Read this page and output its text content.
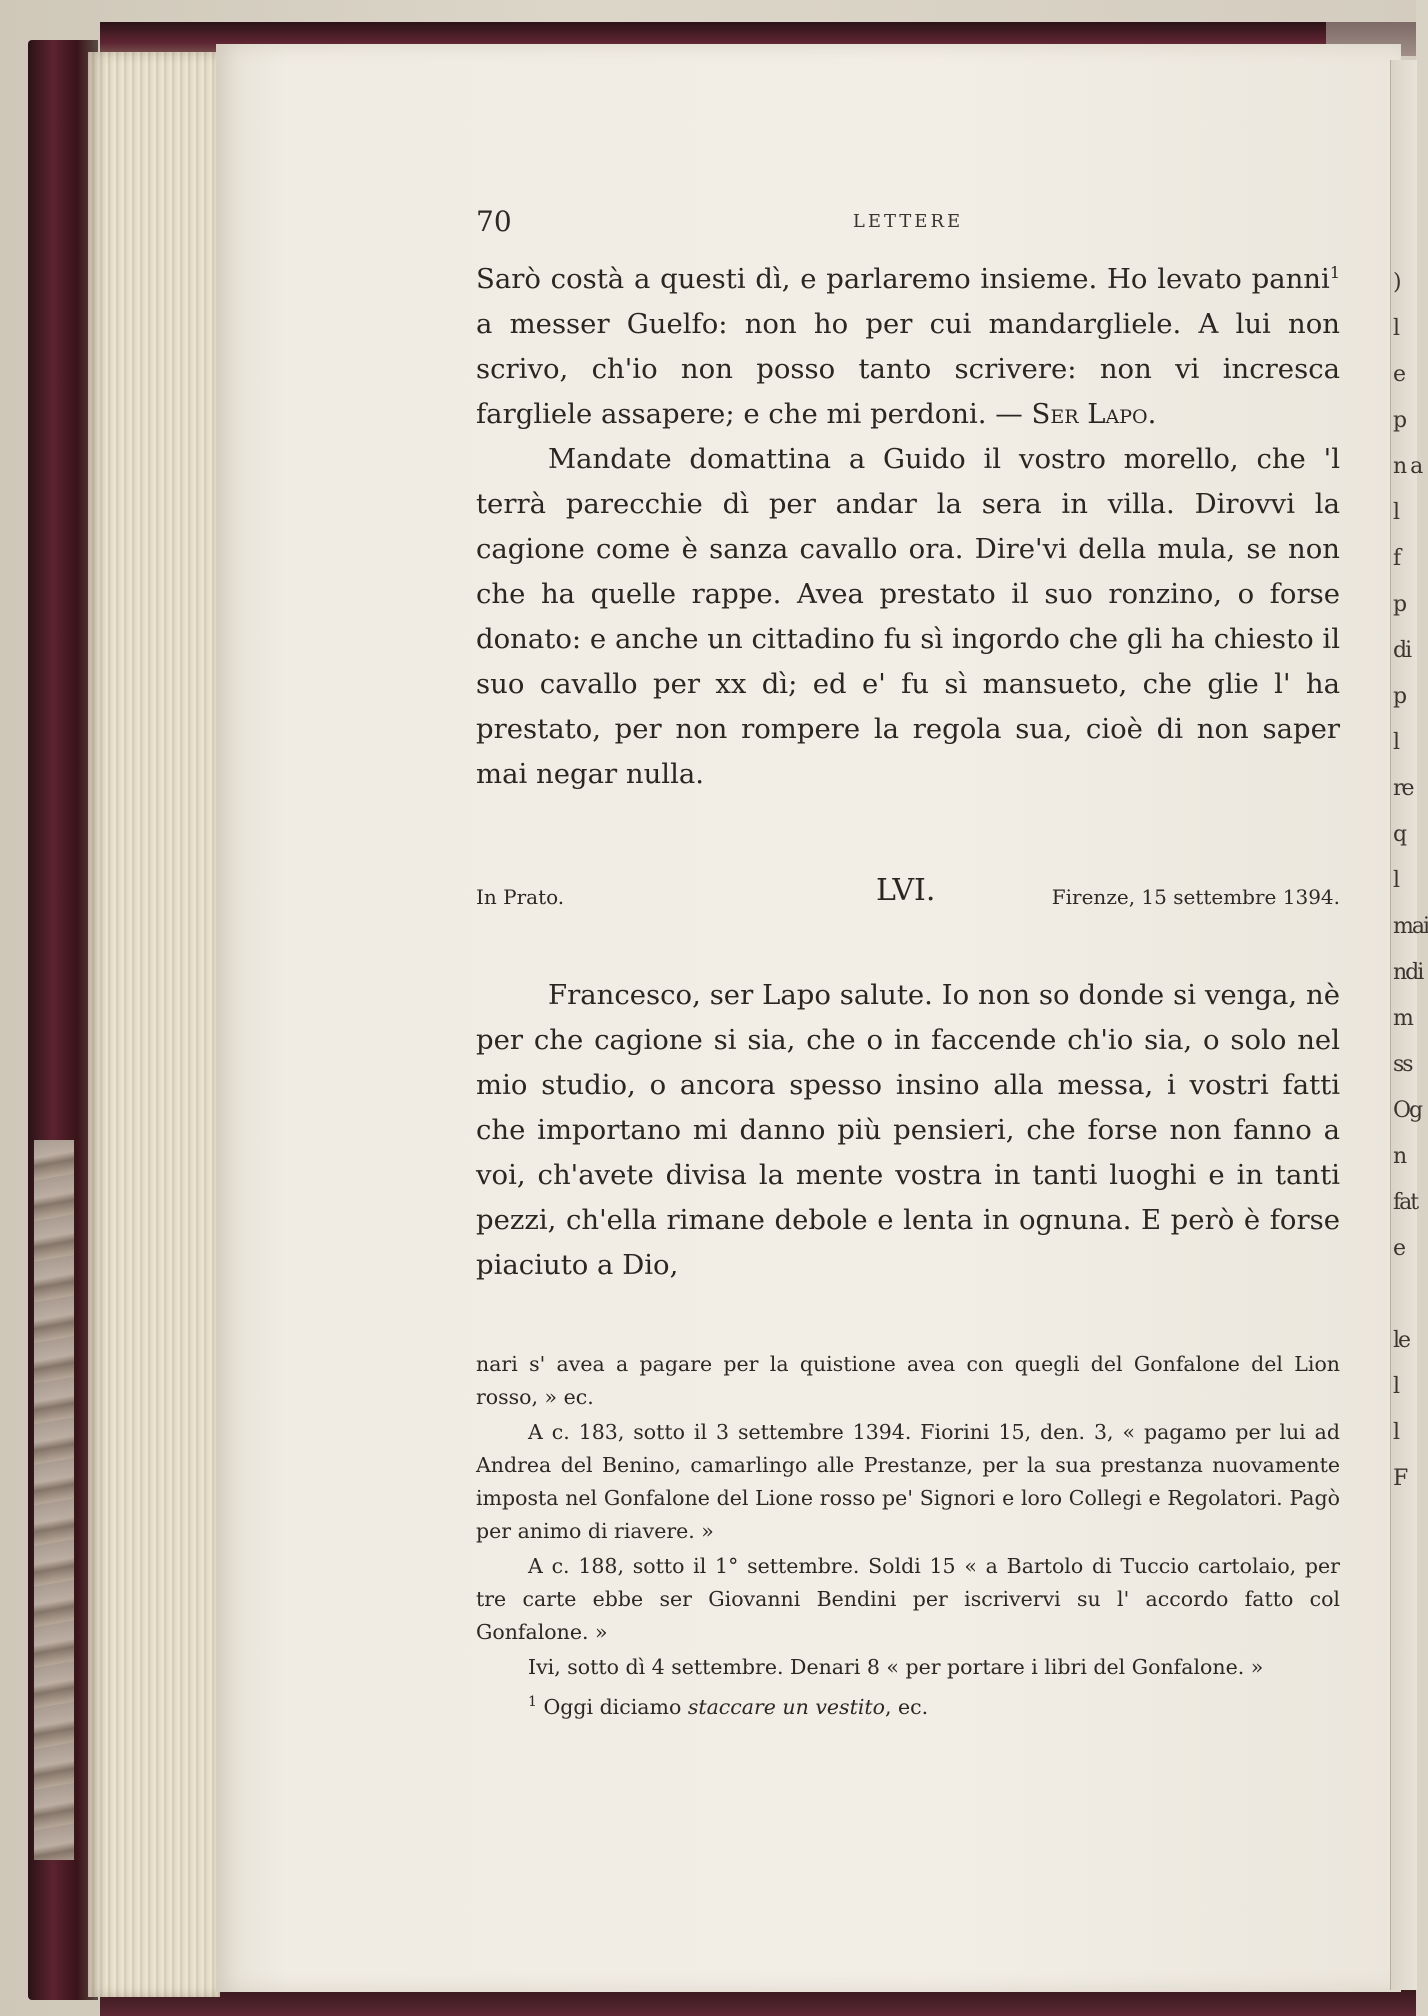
)
l
e
p
n a
l
f
p
di
p
l
re
q
l
mai
ndi
m
ss
Og
n
fat
e

le
l
l
F
70	LETTERE

Sarò costà a questi dì, e parlaremo insieme. Ho levato panni$^1$ a messer Guelfo: non ho per cui mandargliele. A lui non scrivo, ch'io non posso tanto scrivere: non vi incresca fargliele assapere; e che mi perdoni. — Ser Lapo.

Mandate domattina a Guido il vostro morello, che 'l terrà parecchie dì per andar la sera in villa. Dirovvi la cagione come è sanza cavallo ora. Dire'vi della mula, se non che ha quelle rappe. Avea prestato il suo ronzino, o forse donato: e anche un cittadino fu sì ingordo che gli ha chiesto il suo cavallo per xx dì; ed e' fu sì mansueto, che glie l' ha prestato, per non rompere la regola sua, cioè di non saper mai negar nulla.

In Prato.	LVI.	Firenze, 15 settembre 1394.

Francesco, ser Lapo salute. Io non so donde si venga, nè per che cagione si sia, che o in faccende ch'io sia, o solo nel mio studio, o ancora spesso insino alla messa, i vostri fatti che importano mi danno più pensieri, che forse non fanno a voi, ch'avete divisa la mente vostra in tanti luoghi e in tanti pezzi, ch'ella rimane debole e lenta in ognuna. E però è forse piaciuto a Dio,

nari s' avea a pagare per la quistione avea con quegli del Gonfalone del Lion rosso, » ec.

A c. 183, sotto il 3 settembre 1394. Fiorini 15, den. 3, « pagamo per lui ad Andrea del Benino, camarlingo alle Prestanze, per la sua prestanza nuovamente imposta nel Gonfalone del Lione rosso pe' Signori e loro Collegi e Regolatori. Pagò per animo di riavere. »

A c. 188, sotto il 1° settembre. Soldi 15 « a Bartolo di Tuccio cartolaio, per tre carte ebbe ser Giovanni Bendini per iscrivervi su l' accordo fatto col Gonfalone. »

Ivi, sotto dì 4 settembre. Denari 8 « per portare i libri del Gonfalone. »

$^1$ Oggi diciamo staccare un vestito, ec.
